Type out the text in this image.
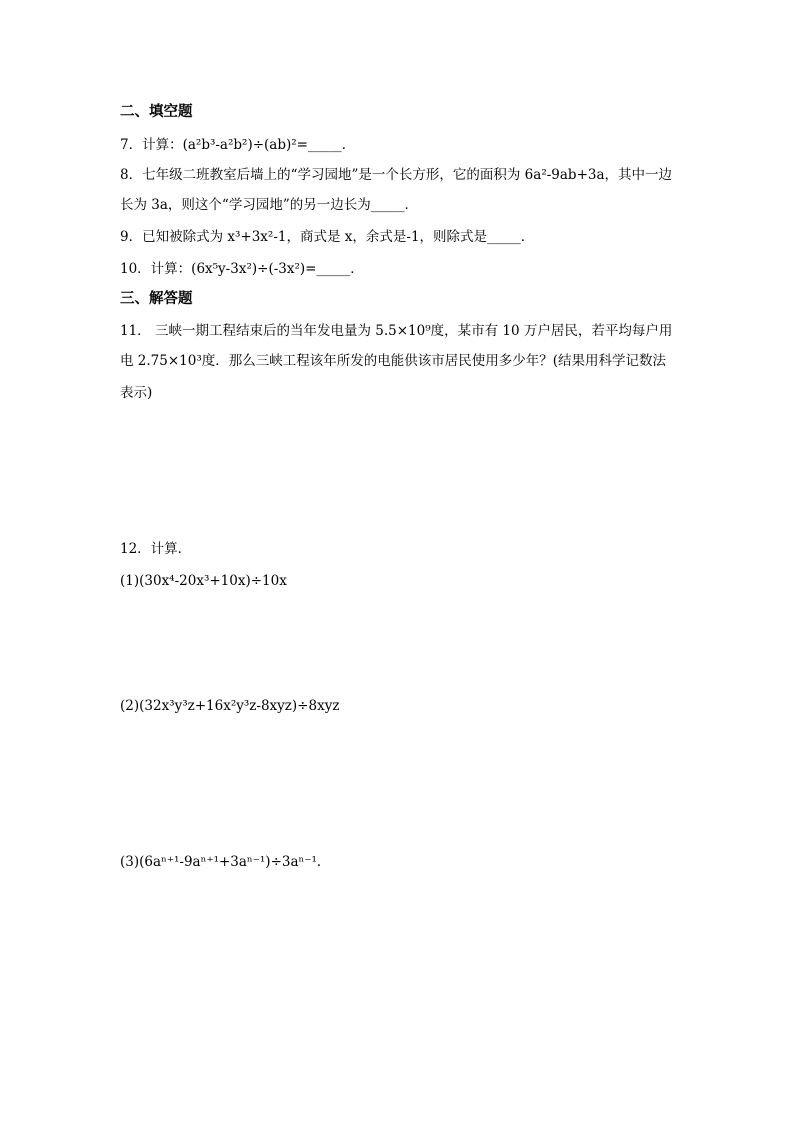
二、填空题
7．计算：(a²b³-a²b²)÷(ab)²=_____．
8．七年级二班教室后墙上的“学习园地”是一个长方形，它的面积为 6a²-9ab+3a，其中一边
长为 3a，则这个“学习园地”的另一边长为_____．
9．已知被除式为 x³+3x²-1，商式是 x，余式是-1，则除式是_____．
10．计算：(6x⁵y-3x²)÷(-3x²)=_____．
三、解答题
11． 三峡一期工程结束后的当年发电量为 5.5×10⁹度，某市有 10 万户居民，若平均每户用
电 2.75×10³度．那么三峡工程该年所发的电能供该市居民使用多少年？(结果用科学记数法
表示)
12．计算．
(1)(30x⁴-20x³+10x)÷10x
(2)(32x³y³z+16x²y³z-8xyz)÷8xyz
(3)(6aⁿ⁺¹-9aⁿ⁺¹+3aⁿ⁻¹)÷3aⁿ⁻¹．
